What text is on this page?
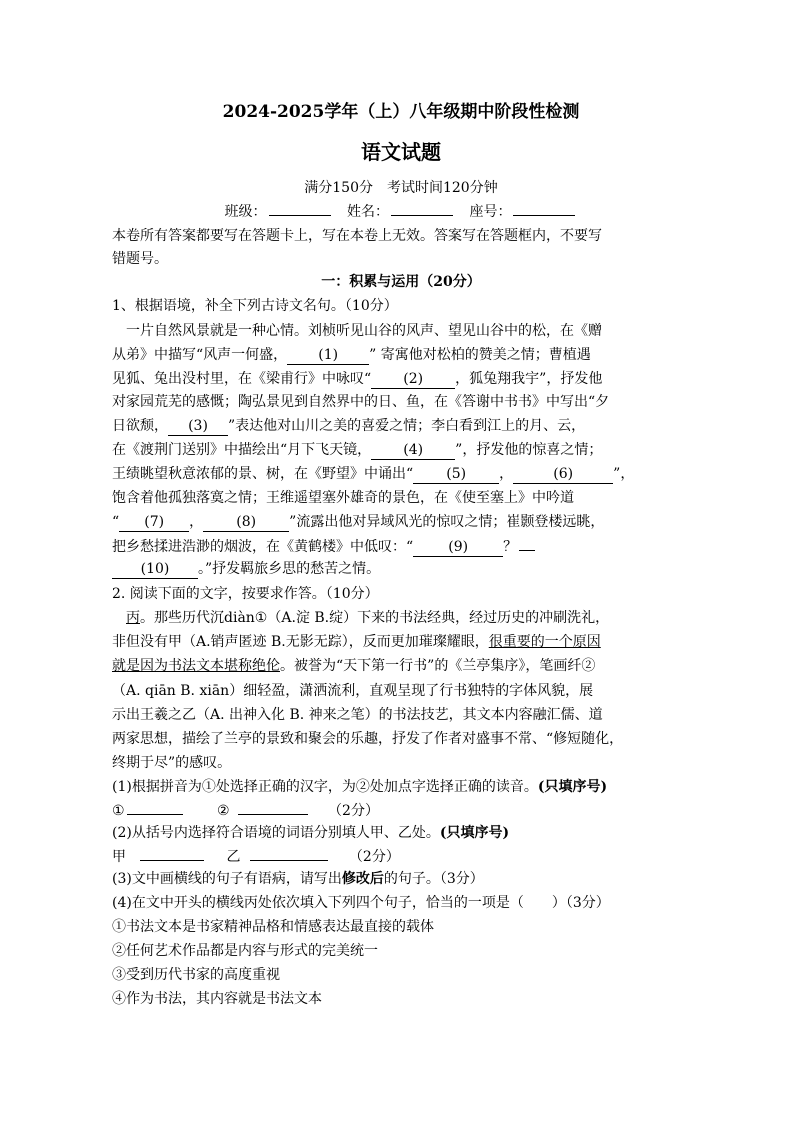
2024-2025学年（上）八年级期中阶段性检测
语文试题
满分150分　考试时间120分钟
班级：	姓名：	座号：
本卷所有答案都要写在答题卡上，写在本卷上无效。答案写在答题框内，不要写
错题号。
一：积累与运用（20分）
1、根据语境，补全下列古诗文名句。（10分）
一片自然风景就是一种心情。刘桢听见山谷的风声、望见山谷中的松，在《赠
从弟》中描写“风声一何盛， (1) ” 寄寓他对松柏的赞美之情；曹植遇
见狐、兔出没村里，在《梁甫行》中咏叹“ (2) ，狐兔翔我宇”，抒发他
对家园荒芜的感慨；陶弘景见到自然界中的日、鱼，在《答谢中书书》中写出“夕
日欲颓， (3) ”表达他对山川之美的喜爱之情；李白看到江上的月、云，
在《渡荆门送别》中描绘出“月下飞天镜， (4) ”，抒发他的惊喜之情；
王绩眺望秋意浓郁的景、树，在《野望》中诵出“ (5) ，	(6)	”，
饱含着他孤独落寞之情；王维遥望塞外雄奇的景色，在《使至塞上》中吟道
“ (7) ， (8) ”流露出他对异域风光的惊叹之情；崔颢登楼远眺，
把乡愁揉进浩渺的烟波，在《黄鹤楼》中低叹：“	(9)	？
(10) 。”抒发羁旅乡思的愁苦之情。
2. 阅读下面的文字，按要求作答。（10分）
丙。那些历代沉diàn①（A.淀 B.绽）下来的书法经典，经过历史的冲刷洗礼，
非但没有甲（A.销声匿迹 B.无影无踪），反而更加璀璨耀眼，很重要的一个原因
就是因为书法文本堪称绝伦。被誉为“天下第一行书”的《兰亭集序》，笔画纤②
（A. qiān B. xiān）细轻盈，潇洒流利，直观呈现了行书独特的字体风貌，展
示出王羲之乙（A. 出神入化 B. 神来之笔）的书法技艺，其文本内容融汇儒、道
两家思想，描绘了兰亭的景致和聚会的乐趣，抒发了作者对盛事不常、“修短随化，
终期于尽”的感叹。
(1)根据拼音为①处选择正确的汉字，为②处加点字选择正确的读音。(只填序号)
①	②	（2分）
(2)从括号内选择符合语境的词语分别填人甲、乙处。(只填序号)
甲	乙	（2分）
(3)文中画横线的句子有语病，请写出修改后的句子。（3分）
(4)在文中开头的横线丙处依次填入下列四个句子，恰当的一项是（　　）（3分）
①书法文本是书家精神品格和情感表达最直接的载体
②任何艺术作品都是内容与形式的完美统一
③受到历代书家的高度重视
④作为书法，其内容就是书法文本
